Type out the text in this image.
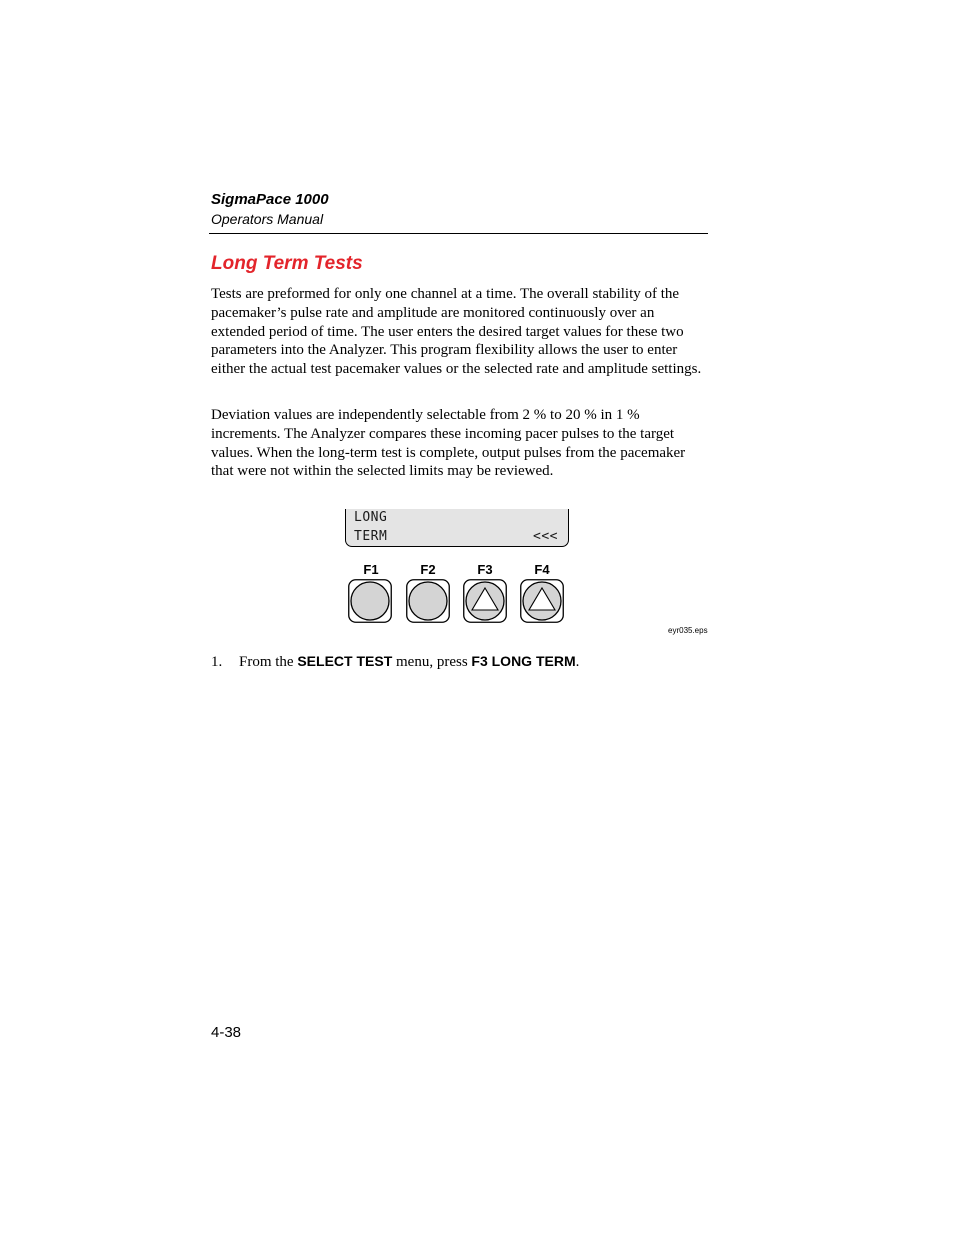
SigmaPace 1000
Operators Manual
Long Term Tests

Tests are preformed for only one channel at a time. The overall stability of the pacemaker’s pulse rate and amplitude are monitored continuously over an extended period of time. The user enters the desired target values for these two parameters into the Analyzer. This program flexibility allows the user to enter either the actual test pacemaker values or the selected rate and amplitude settings.

Deviation values are independently selectable from 2 % to 20 % in 1 % increments. The Analyzer compares these incoming pacer pulses to the target values. When the long-term test is complete, output pulses from the pacemaker that were not within the selected limits may be reviewed.

LONG
TERM	<<<
F1	F2	F3	F4
eyr035.eps
1. From the SELECT TEST menu, press F3 LONG TERM.
4-38
